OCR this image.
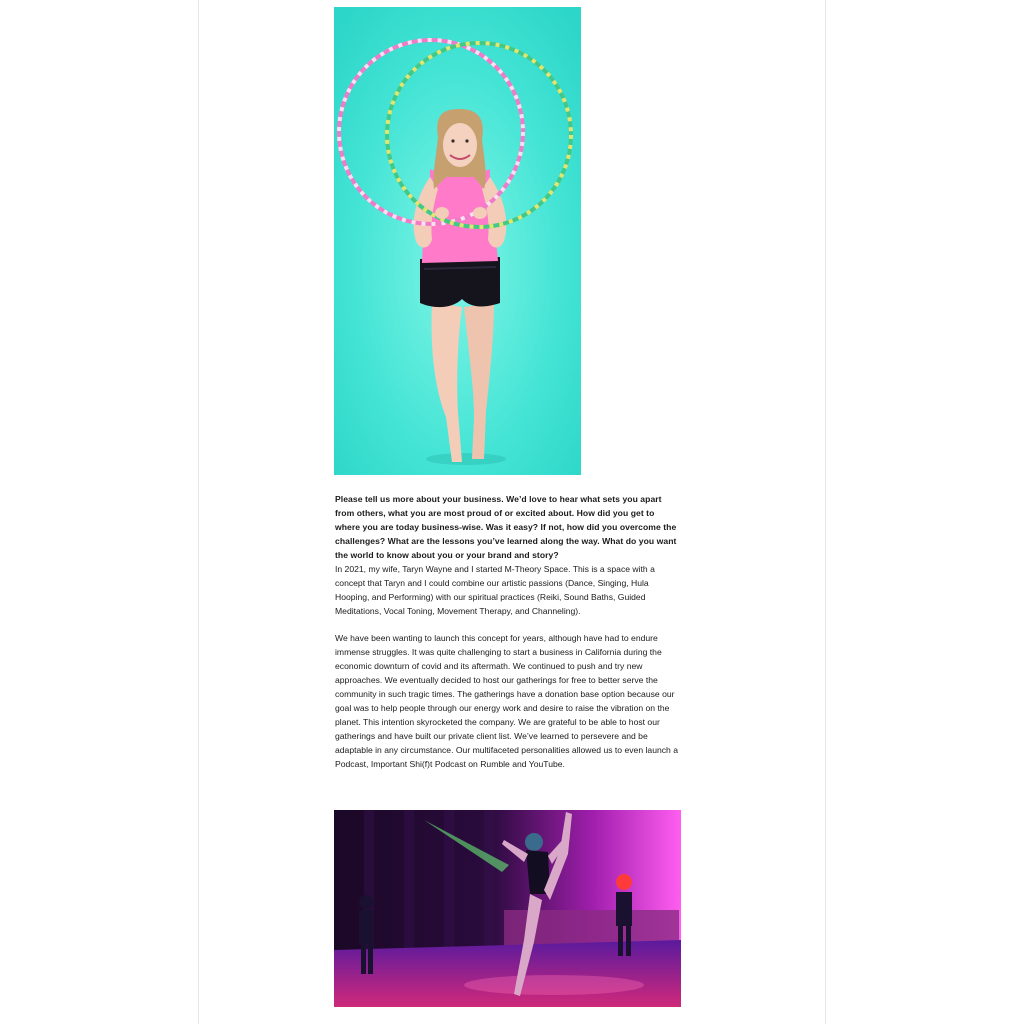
Please tell us more about your business. We’d love to hear what sets you apart from others, what you are most proud of or excited about. How did you get to where you are today business-wise. Was it easy? If not, how did you overcome the challenges? What are the lessons you’ve learned along the way. What do you want the world to know about you or your brand and story?

In 2021, my wife, Taryn Wayne and I started M-Theory Space. This is a space with a concept that Taryn and I could combine our artistic passions (Dance, Singing, Hula Hooping, and Performing) with our spiritual practices (Reiki, Sound Baths, Guided Meditations, Vocal Toning, Movement Therapy, and Channeling).

We have been wanting to launch this concept for years, although have had to endure immense struggles. It was quite challenging to start a business in California during the economic downturn of covid and its aftermath. We continued to push and try new approaches. We eventually decided to host our gatherings for free to better serve the community in such tragic times. The gatherings have a donation base option because our goal was to help people through our energy work and desire to raise the vibration on the planet. This intention skyrocketed the company. We are grateful to be able to host our gatherings and have built our private client list. We’ve learned to persevere and be adaptable in any circumstance. Our multifaceted personalities allowed us to even launch a Podcast, Important Shi(f)t Podcast on Rumble and YouTube.
